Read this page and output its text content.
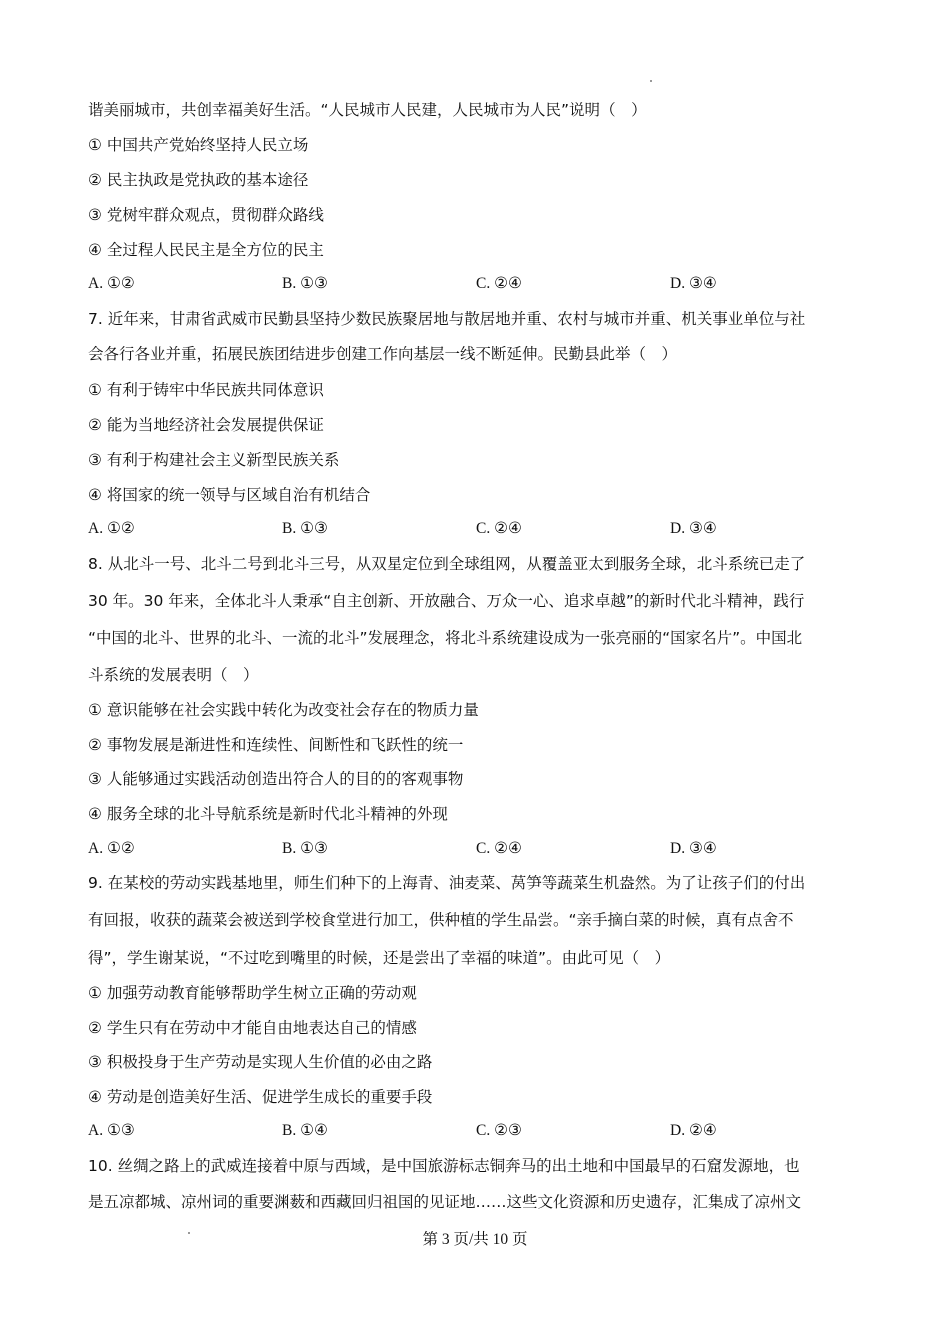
谐美丽城市，共创幸福美好生活。“人民城市人民建，人民城市为人民”说明（　）
① 中国共产党始终坚持人民立场
② 民主执政是党执政的基本途径
③ 党树牢群众观点，贯彻群众路线
④ 全过程人民民主是全方位的民主
A. ①②	B. ①③	C. ②④	D. ③④
7. 近年来，甘肃省武威市民勤县坚持少数民族聚居地与散居地并重、农村与城市并重、机关事业单位与社
会各行各业并重，拓展民族团结进步创建工作向基层一线不断延伸。民勤县此举（　）
① 有利于铸牢中华民族共同体意识
② 能为当地经济社会发展提供保证
③ 有利于构建社会主义新型民族关系
④ 将国家的统一领导与区域自治有机结合
A. ①②	B. ①③	C. ②④	D. ③④
8. 从北斗一号、北斗二号到北斗三号，从双星定位到全球组网，从覆盖亚太到服务全球，北斗系统已走了
30 年。30 年来，全体北斗人秉承“自主创新、开放融合、万众一心、追求卓越”的新时代北斗精神，践行
“中国的北斗、世界的北斗、一流的北斗”发展理念，将北斗系统建设成为一张亮丽的“国家名片”。中国北
斗系统的发展表明（　）
① 意识能够在社会实践中转化为改变社会存在的物质力量
② 事物发展是渐进性和连续性、间断性和飞跃性的统一
③ 人能够通过实践活动创造出符合人的目的的客观事物
④ 服务全球的北斗导航系统是新时代北斗精神的外现
A. ①②	B. ①③	C. ②④	D. ③④
9. 在某校的劳动实践基地里，师生们种下的上海青、油麦菜、莴笋等蔬菜生机盎然。为了让孩子们的付出
有回报，收获的蔬菜会被送到学校食堂进行加工，供种植的学生品尝。“亲手摘白菜的时候，真有点舍不
得”，学生谢某说，“不过吃到嘴里的时候，还是尝出了幸福的味道”。由此可见（　）
① 加强劳动教育能够帮助学生树立正确的劳动观
② 学生只有在劳动中才能自由地表达自己的情感
③ 积极投身于生产劳动是实现人生价值的必由之路
④ 劳动是创造美好生活、促进学生成长的重要手段
A. ①③	B. ①④	C. ②③	D. ②④
10. 丝绸之路上的武威连接着中原与西域，是中国旅游标志铜奔马的出土地和中国最早的石窟发源地，也
是五凉都城、凉州词的重要渊薮和西藏回归祖国的见证地……这些文化资源和历史遗存，汇集成了凉州文
第 3 页/共 10 页
